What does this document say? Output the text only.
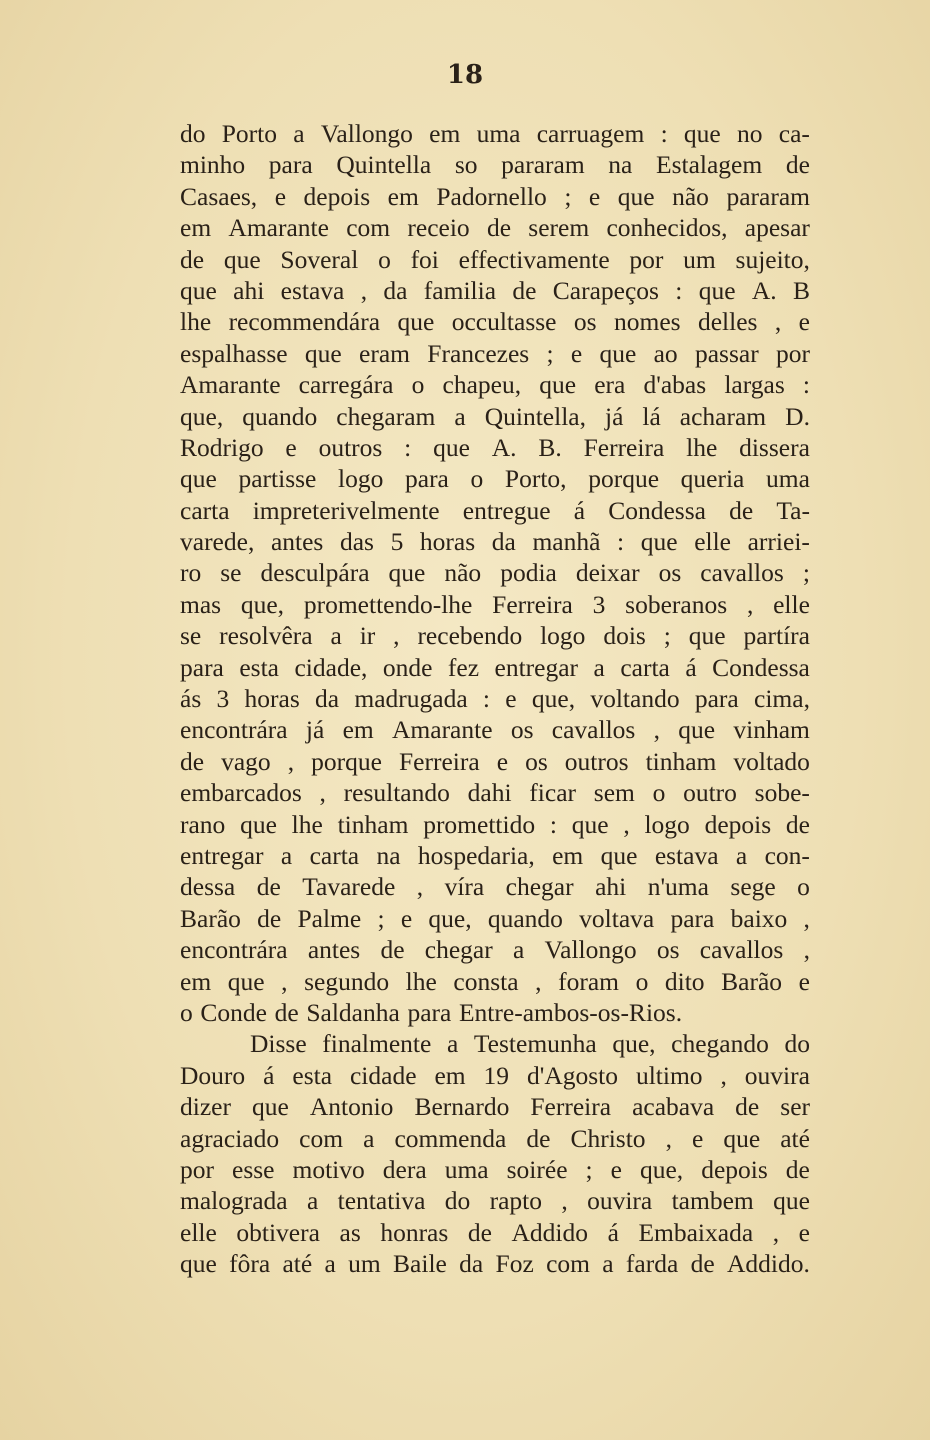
18
do Porto a Vallongo em uma carruagem : que no ca-
minho para Quintella so pararam na Estalagem de
Casaes, e depois em Padornello ; e que não pararam
em Amarante com receio de serem conhecidos, apesar
de que Soveral o foi effectivamente por um sujeito,
que ahi estava , da familia de Carapeços : que A. B
lhe recommendára que occultasse os nomes delles , e
espalhasse que eram Francezes ; e que ao passar por
Amarante carregára o chapeu, que era d'abas largas :
que, quando chegaram a Quintella, já lá acharam D.
Rodrigo e outros : que A. B. Ferreira lhe dissera
que partisse logo para o Porto, porque queria uma
carta impreterivelmente entregue á Condessa de Ta-
varede, antes das 5 horas da manhã : que elle arriei-
ro se desculpára que não podia deixar os cavallos ;
mas que, promettendo-lhe Ferreira 3 soberanos , elle
se resolvêra a ir , recebendo logo dois ; que partíra
para esta cidade, onde fez entregar a carta á Condessa
ás 3 horas da madrugada : e que, voltando para cima,
encontrára já em Amarante os cavallos , que vinham
de vago , porque Ferreira e os outros tinham voltado
embarcados , resultando dahi ficar sem o outro sobe-
rano que lhe tinham promettido : que , logo depois de
entregar a carta na hospedaria, em que estava a con-
dessa de Tavarede , víra chegar ahi n'uma sege o
Barão de Palme ; e que, quando voltava para baixo ,
encontrára antes de chegar a Vallongo os cavallos ,
em que , segundo lhe consta , foram o dito Barão e
o Conde de Saldanha para Entre-ambos-os-Rios.
Disse finalmente a Testemunha que, chegando do
Douro á esta cidade em 19 d'Agosto ultimo , ouvira
dizer que Antonio Bernardo Ferreira acabava de ser
agraciado com a commenda de Christo , e que até
por esse motivo dera uma soirée ; e que, depois de
malograda a tentativa do rapto , ouvira tambem que
elle obtivera as honras de Addido á Embaixada , e
que fôra até a um Baile da Foz com a farda de Addido.
